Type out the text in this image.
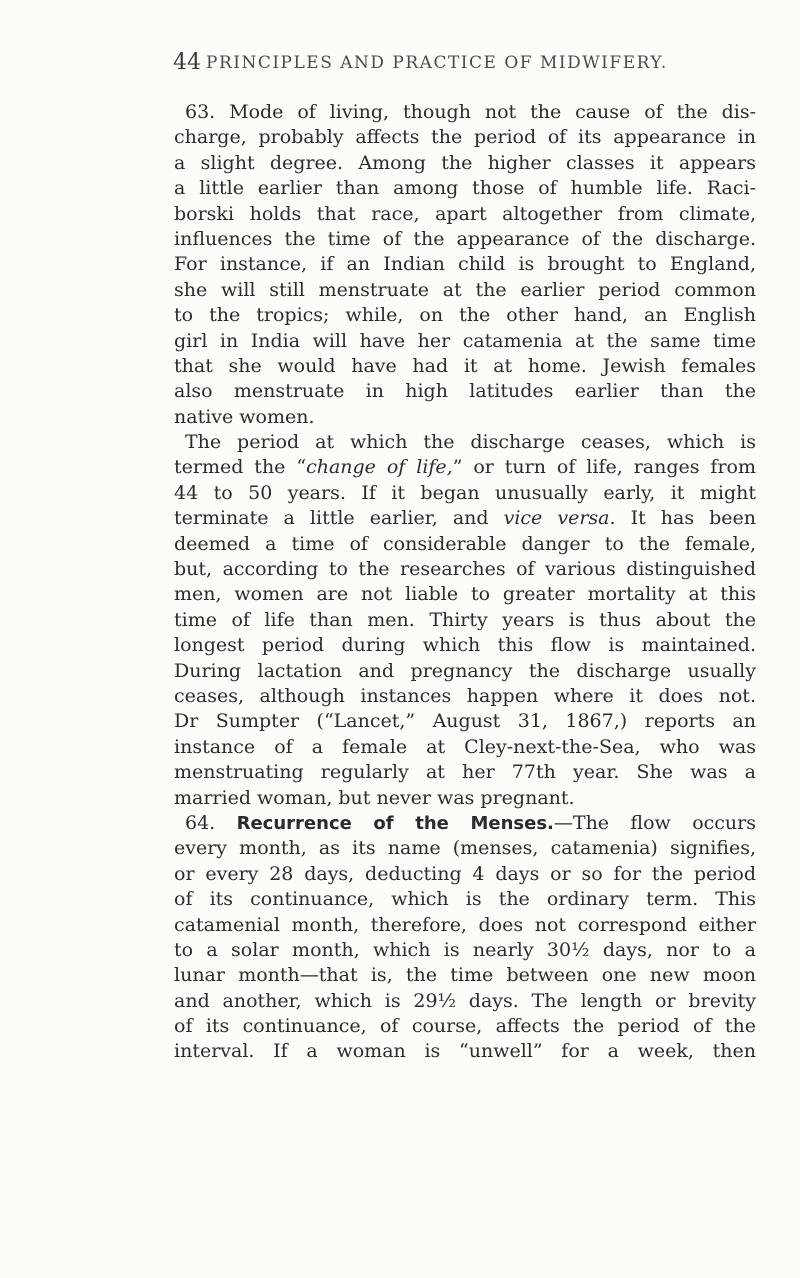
44 PRINCIPLES AND PRACTICE OF MIDWIFERY.
63. Mode of living, though not the cause of the dis-
charge, probably affects the period of its appearance in
a slight degree. Among the higher classes it appears
a little earlier than among those of humble life. Raci-
borski holds that race, apart altogether from climate,
influences the time of the appearance of the discharge.
For instance, if an Indian child is brought to England,
she will still menstruate at the earlier period common
to the tropics; while, on the other hand, an English
girl in India will have her catamenia at the same time
that she would have had it at home. Jewish females
also menstruate in high latitudes earlier than the
native women.
The period at which the discharge ceases, which is
termed the “change of life,” or turn of life, ranges from
44 to 50 years. If it began unusually early, it might
terminate a little earlier, and vice versa. It has been
deemed a time of considerable danger to the female,
but, according to the researches of various distinguished
men, women are not liable to greater mortality at this
time of life than men. Thirty years is thus about the
longest period during which this flow is maintained.
During lactation and pregnancy the discharge usually
ceases, although instances happen where it does not.
Dr Sumpter (“Lancet,” August 31, 1867,) reports an
instance of a female at Cley-next-the-Sea, who was
menstruating regularly at her 77th year. She was a
married woman, but never was pregnant.
64. Recurrence of the Menses.—The flow occurs
every month, as its name (menses, catamenia) signifies,
or every 28 days, deducting 4 days or so for the period
of its continuance, which is the ordinary term. This
catamenial month, therefore, does not correspond either
to a solar month, which is nearly 30½ days, nor to a
lunar month—that is, the time between one new moon
and another, which is 29½ days. The length or brevity
of its continuance, of course, affects the period of the
interval. If a woman is “unwell” for a week, then
